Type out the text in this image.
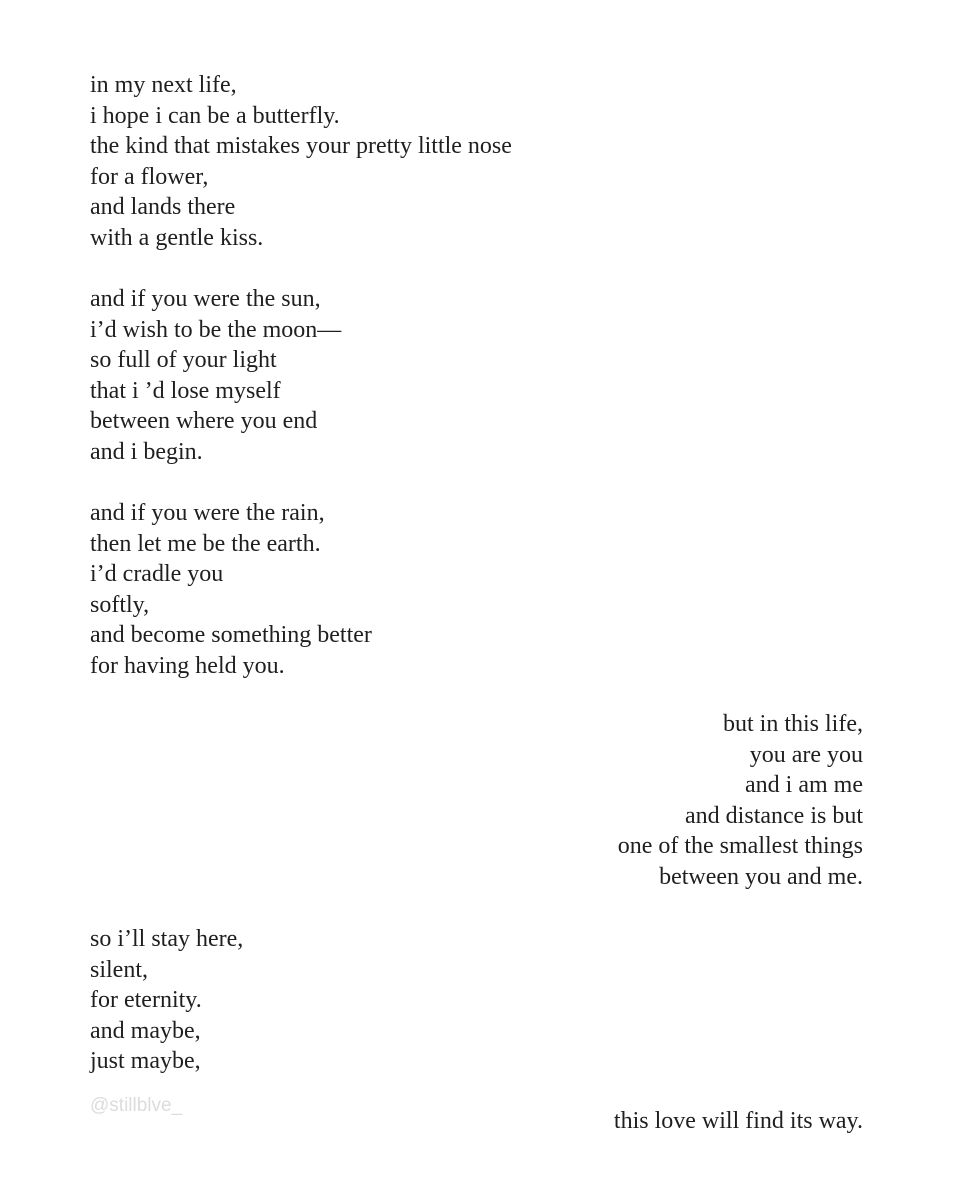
in my next life,
i hope i can be a butterfly.
the kind that mistakes your pretty little nose
for a flower,
and lands there
with a gentle kiss.

and if you were the sun,
i’d wish to be the moon—
so full of your light
that i ’d lose myself
between where you end
and i begin.

and if you were the rain,
then let me be the earth.
i’d cradle you
softly,
and become something better
for having held you.

but in this life,
you are you
and i am me
and distance is but
one of the smallest things
between you and me.

so i’ll stay here,
silent,
for eternity.
and maybe,
just maybe,

@stillblve_

this love will find its way.
